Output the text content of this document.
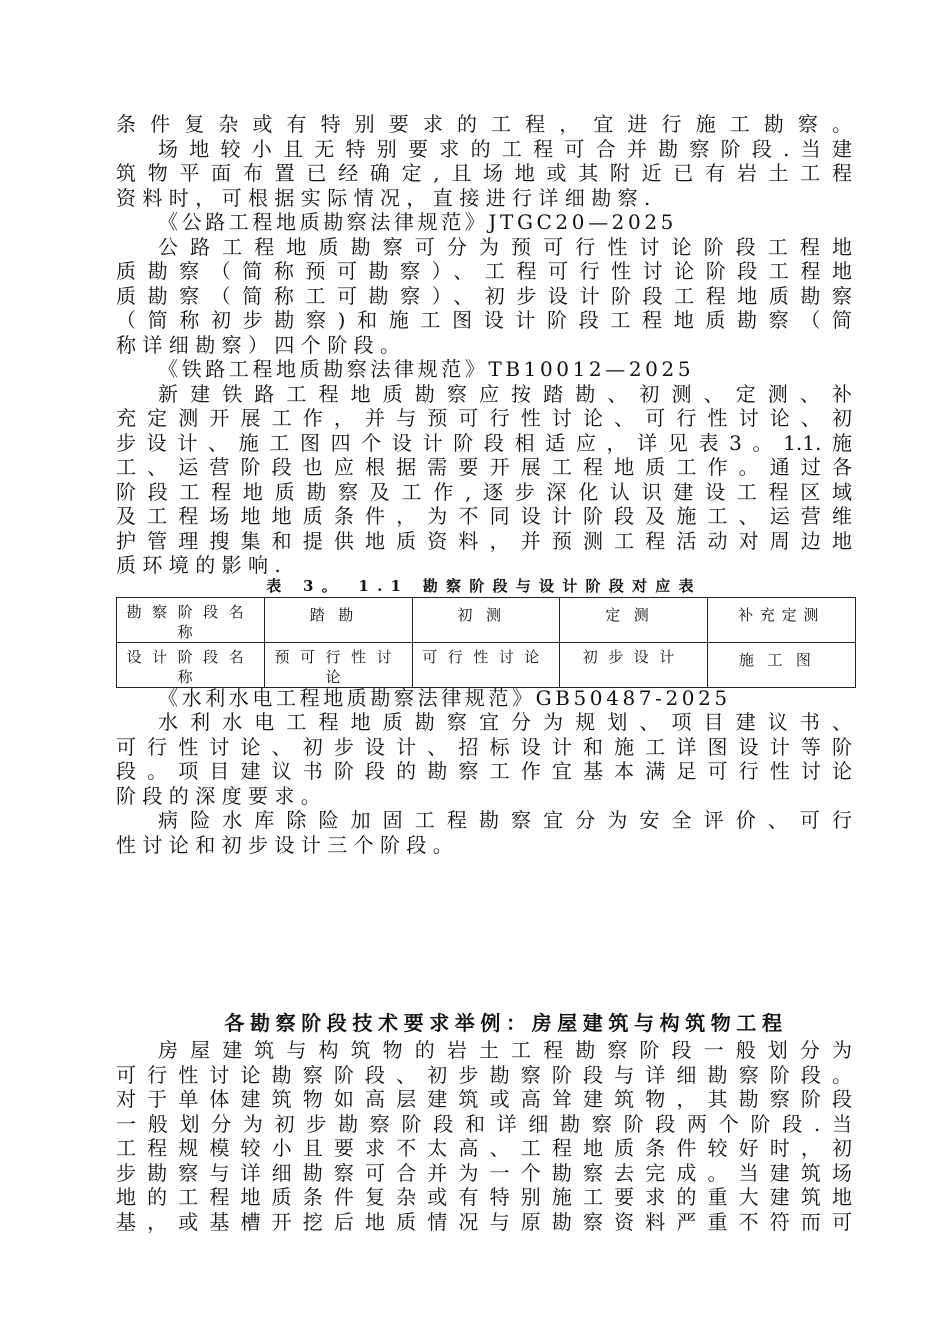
条件复杂或有特别要求的工程，宜进行施工勘察。
场地较小且无特别要求的工程可合并勘察阶段.当建
筑物平面布置已经确定,且场地或其附近已有岩土工程
资料时，可根据实际情况，直接进行详细勘察.
《公路工程地质勘察法律规范》JTGC20—2025
公路工程地质勘察可分为预可行性讨论阶段工程地
质勘察（简称预可勘察）、工程可行性讨论阶段工程地
质勘察（简称工可勘察）、初步设计阶段工程地质勘察
（简称初步勘察)和施工图设计阶段工程地质勘察（简
称详细勘察）四个阶段。
《铁路工程地质勘察法律规范》TB10012—2025
新建铁路工程地质勘察应按踏勘、初测、定测、补
充定测开展工作，并与预可行性讨论、可行性讨论、初
步设计、施工图四个设计阶段相适应，详见表3。1.1.施
工、运营阶段也应根据需要开展工程地质工作。通过各
阶段工程地质勘察及工作,逐步深化认识建设工程区域
及工程场地地质条件，为不同设计阶段及施工、运营维
护管理搜集和提供地质资料，并预测工程活动对周边地
质环境的影响.
表 3。 1.1 勘察阶段与设计阶段对应表
勘察阶段名称	踏勘	初测	定测	补充定测
设计阶段名称	预可行性讨论	可行性讨论	初步设计	施工图
《水利水电工程地质勘察法律规范》GB50487-2025
水利水电工程地质勘察宜分为规划、项目建议书、
可行性讨论、初步设计、招标设计和施工详图设计等阶
段。项目建议书阶段的勘察工作宜基本满足可行性讨论
阶段的深度要求。
病险水库除险加固工程勘察宜分为安全评价、可行
性讨论和初步设计三个阶段。
各勘察阶段技术要求举例：房屋建筑与构筑物工程
房屋建筑与构筑物的岩土工程勘察阶段一般划分为
可行性讨论勘察阶段、初步勘察阶段与详细勘察阶段。
对于单体建筑物如高层建筑或高耸建筑物，其勘察阶段
一般划分为初步勘察阶段和详细勘察阶段两个阶段.当
工程规模较小且要求不太高、工程地质条件较好时，初
步勘察与详细勘察可合并为一个勘察去完成。当建筑场
地的工程地质条件复杂或有特别施工要求的重大建筑地
基，或基槽开挖后地质情况与原勘察资料严重不符而可
